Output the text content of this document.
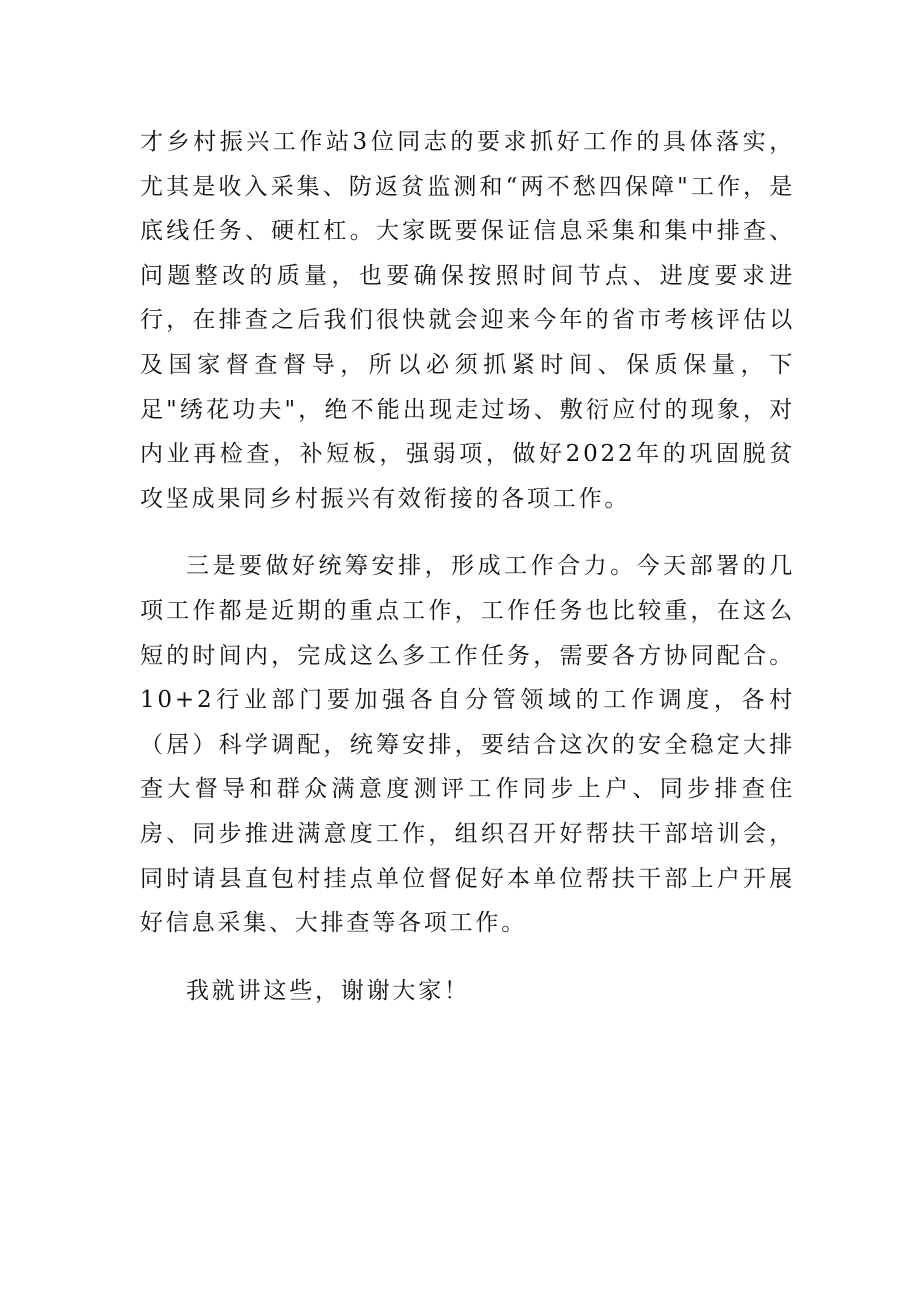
才乡村振兴工作站3位同志的要求抓好工作的具体落实，尤其是收入采集、防返贫监测和“两不愁四保障"工作，是底线任务、硬杠杠。大家既要保证信息采集和集中排查、问题整改的质量，也要确保按照时间节点、进度要求进行，在排查之后我们很快就会迎来今年的省市考核评估以及国家督查督导，所以必须抓紧时间、保质保量，下足"绣花功夫"，绝不能出现走过场、敷衍应付的现象，对内业再检查，补短板，强弱项，做好2022年的巩固脱贫攻坚成果同乡村振兴有效衔接的各项工作。

三是要做好统筹安排，形成工作合力。今天部署的几项工作都是近期的重点工作，工作任务也比较重，在这么短的时间内，完成这么多工作任务，需要各方协同配合。10+2行业部门要加强各自分管领域的工作调度，各村（居）科学调配，统筹安排，要结合这次的安全稳定大排查大督导和群众满意度测评工作同步上户、同步排查住房、同步推进满意度工作，组织召开好帮扶干部培训会，同时请县直包村挂点单位督促好本单位帮扶干部上户开展好信息采集、大排查等各项工作。

我就讲这些，谢谢大家！
